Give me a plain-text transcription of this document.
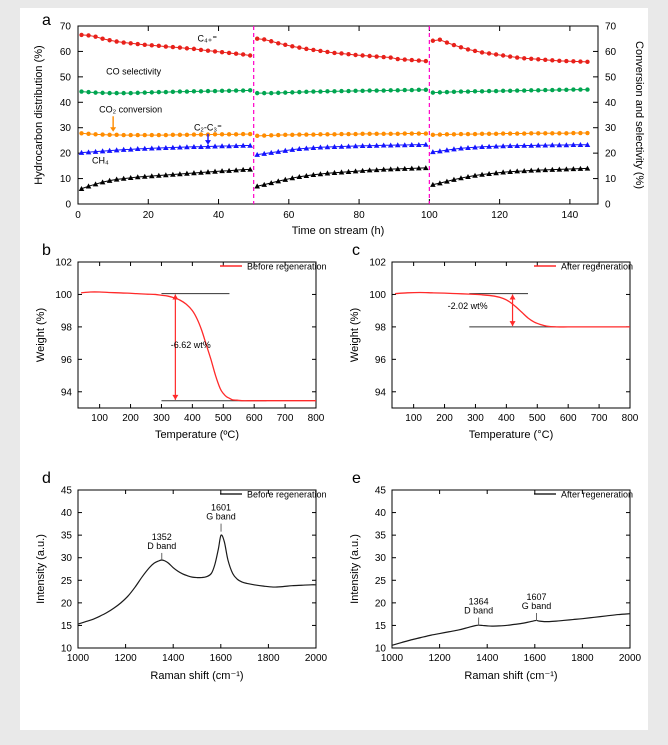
a
0	20	40	60	80	100	120	140
0	0
10	10
20	20
30	30
40	40
50	50
60	60
70	70
Time on stream (h)
Hydrocarbon distribution (%)	Conversion and selectivity (%)
C₄₊⁼
CO selectivity
CO₂ conversion
C₂-C₃⁼
CH₄
b
100 200 300 400 500 600 700 800
94
96
98
100
102
Temperature (ºC)
Weight (%)	-6.62 wt%
Before regeneration
c
100 200 300 400 500 600 700 800
94
96
98
100
102
Temperature (°C)
Weight (%)
-2.02 wt%
After regeneration
d
1000	1200	1400	1600	1800	2000
10
15
20
25
30
35
40
45
Raman shift (cm⁻¹)
Intensity (a.u.)	1352
D band
1601
G band
Before regeneration
e
1000	1200	1400	1600	1800	2000
10
15
20
25
30
35
40
45
Raman shift (cm⁻¹)
Intensity (a.u.)	1364
D band
1607
G band
After regeneration
